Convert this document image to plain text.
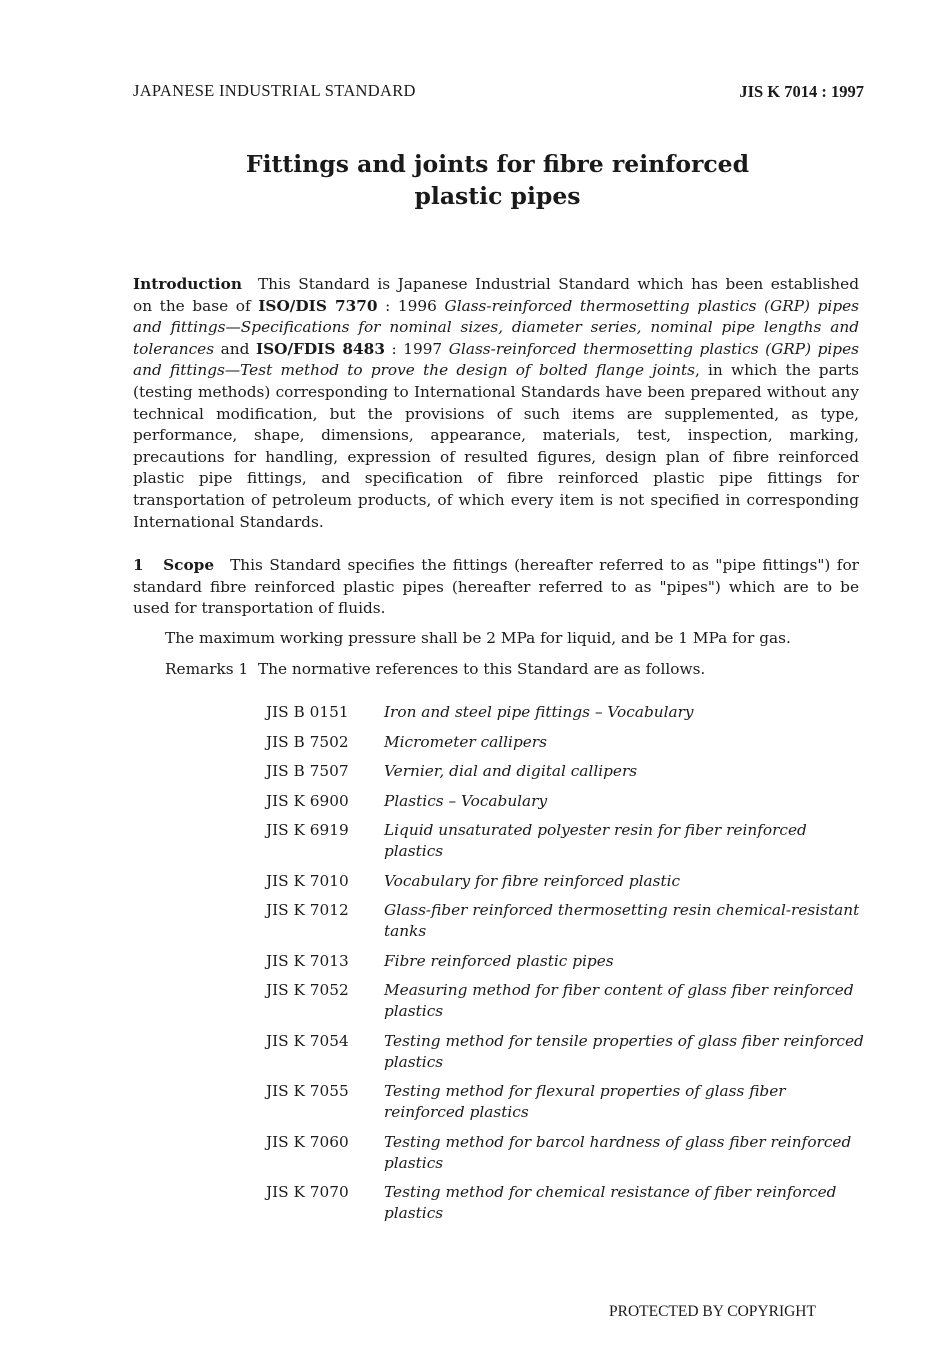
JAPANESE INDUSTRIAL STANDARD	JIS K 7014 : 1997
Fittings and joints for fibre reinforced
plastic pipes
Introduction This Standard is Japanese Industrial Standard which has been established on the base of ISO/DIS 7370 : 1996 Glass-reinforced thermosetting plastics (GRP) pipes and fittings—Specifications for nominal sizes, diameter series, nominal pipe lengths and tolerances and ISO/FDIS 8483 : 1997 Glass-reinforced thermosetting plastics (GRP) pipes and fittings—Test method to prove the design of bolted flange joints, in which the parts (testing methods) corresponding to International Standards have been prepared without any technical modification, but the provisions of such items are supplemented, as type, performance, shape, dimensions, appearance, materials, test, inspection, marking, precautions for handling, expression of resulted figures, design plan of fibre reinforced plastic pipe fittings, and specification of fibre reinforced plastic pipe fittings for transportation of petroleum products, of which every item is not specified in corresponding International Standards.
1 Scope This Standard specifies the fittings (hereafter referred to as "pipe fittings") for standard fibre reinforced plastic pipes (hereafter referred to as "pipes") which are to be used for transportation of fluids.
The maximum working pressure shall be 2 MPa for liquid, and be 1 MPa for gas.
Remarks 1  The normative references to this Standard are as follows.
JIS B 0151	Iron and steel pipe fittings – Vocabulary
JIS B 7502	Micrometer callipers
JIS B 7507	Vernier, dial and digital callipers
JIS K 6900	Plastics – Vocabulary
JIS K 6919	Liquid unsaturated polyester resin for fiber reinforced plastics
JIS K 7010	Vocabulary for fibre reinforced plastic
JIS K 7012	Glass-fiber reinforced thermosetting resin chemical-resistant tanks
JIS K 7013	Fibre reinforced plastic pipes
JIS K 7052	Measuring method for fiber content of glass fiber reinforced plastics
JIS K 7054	Testing method for tensile properties of glass fiber reinforced plastics
JIS K 7055	Testing method for flexural properties of glass fiber reinforced plastics
JIS K 7060	Testing method for barcol hardness of glass fiber reinforced plastics
JIS K 7070	Testing method for chemical resistance of fiber reinforced plastics
PROTECTED BY COPYRIGHT
